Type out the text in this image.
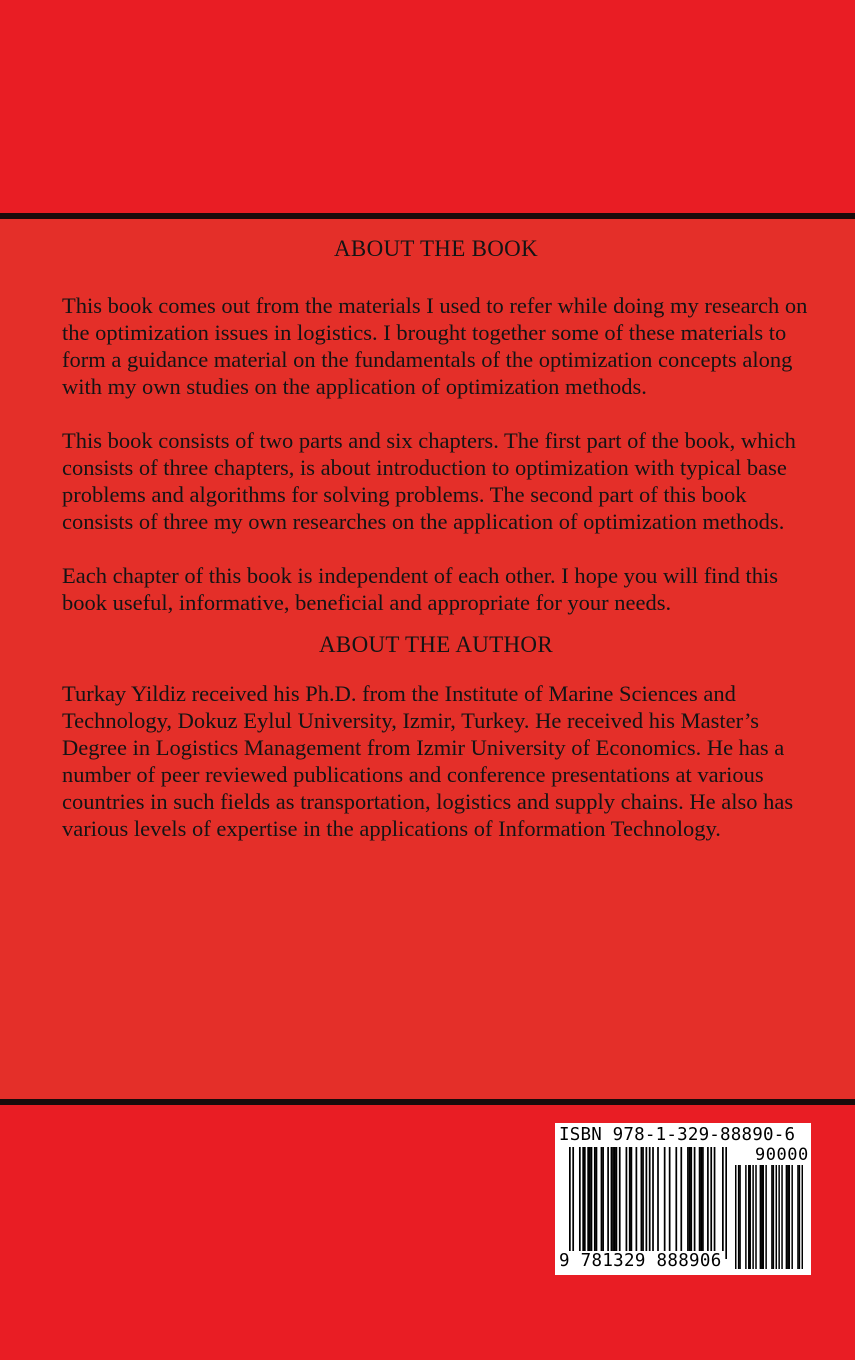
ABOUT THE BOOK

This book comes out from the materials I used to refer while doing my research on the optimization issues in logistics. I brought together some of these materials to form a guidance material on the fundamentals of the optimization concepts along with my own studies on the application of optimization methods.

This book consists of two parts and six chapters. The first part of the book, which consists of three chapters, is about introduction to optimization with typical base problems and algorithms for solving problems. The second part of this book consists of three my own researches on the application of optimization methods.

Each chapter of this book is independent of each other. I hope you will find this book useful, informative, beneficial and appropriate for your needs.

ABOUT THE AUTHOR

Turkay Yildiz received his Ph.D. from the Institute of Marine Sciences and Technology, Dokuz Eylul University, Izmir, Turkey. He received his Master’s Degree in Logistics Management from Izmir University of Economics. He has a number of peer reviewed publications and conference presentations at various countries in such fields as transportation, logistics and supply chains. He also has various levels of expertise in the applications of Information Technology.

ISBN 978-1-329-88890-6
90000
9 781329 888906
